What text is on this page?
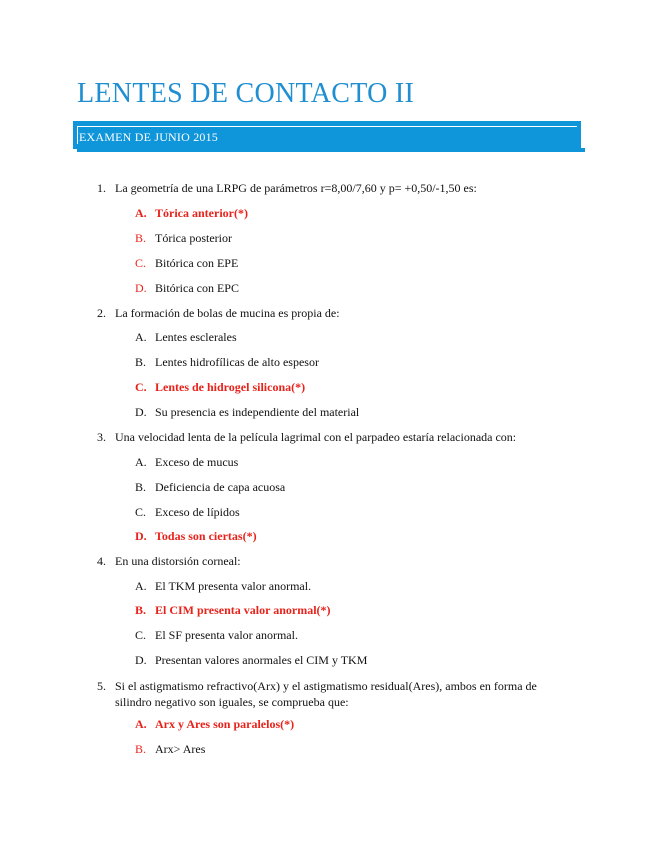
LENTES DE CONTACTO II
EXAMEN DE JUNIO 2015
1. La geometría de una LRPG de parámetros r=8,00/7,60 y p= +0,50/-1,50 es:
A. Tórica anterior(*)
B. Tórica posterior
C. Bitórica con EPE
D. Bitórica con EPC
2. La formación de bolas de mucina es propia de:
A. Lentes esclerales
B. Lentes hidrofílicas de alto espesor
C. Lentes de hidrogel silicona(*)
D. Su presencia es independiente del material
3. Una velocidad lenta de la película lagrimal con el parpadeo estaría relacionada con:
A. Exceso de mucus
B. Deficiencia de capa acuosa
C. Exceso de lípidos
D. Todas son ciertas(*)
4. En una distorsión corneal:
A. El TKM presenta valor anormal.
B. El CIM presenta valor anormal(*)
C. El SF presenta valor anormal.
D. Presentan valores anormales el CIM y TKM
5. Si el astigmatismo refractivo(Arx) y el astigmatismo residual(Ares), ambos en forma de silindro negativo son iguales, se comprueba que:
A. Arx y Ares son paralelos(*)
B. Arx> Ares
